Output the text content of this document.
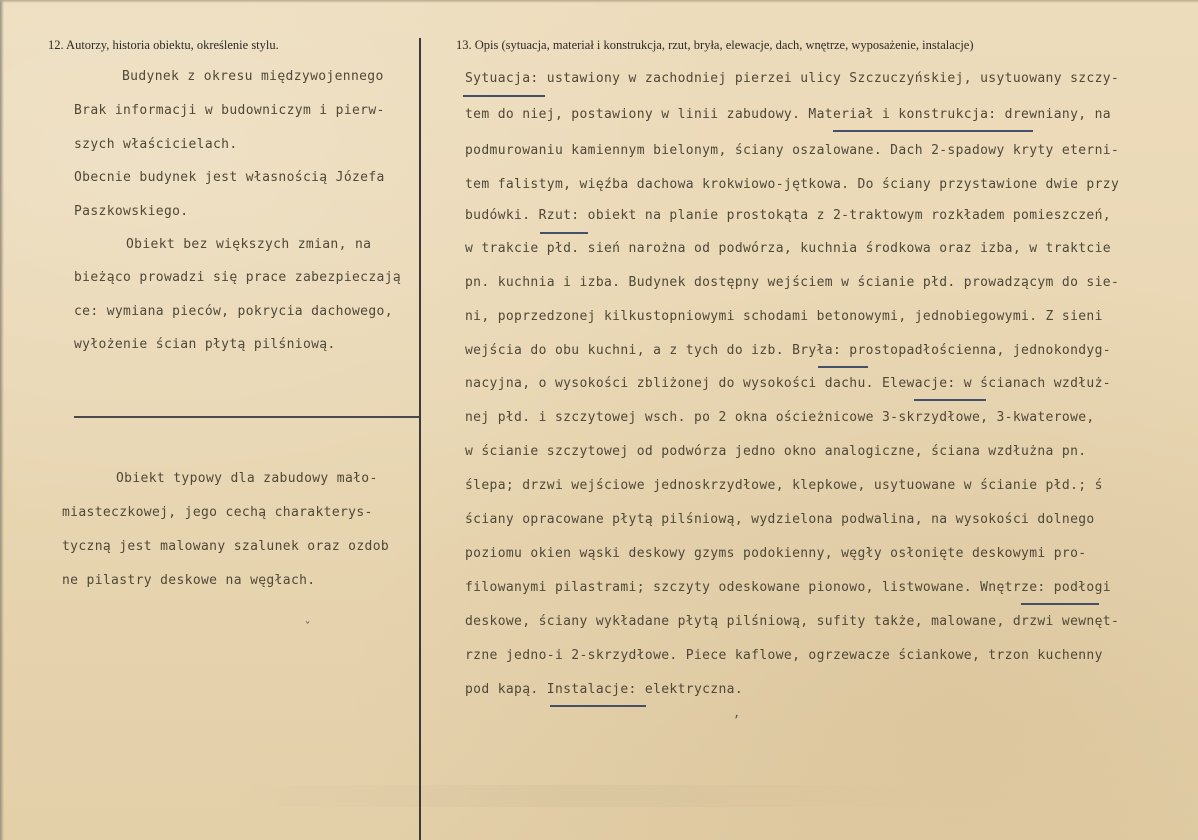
12. Autorzy, historia obiektu, określenie stylu.
Budynek z okresu międzywojennego
Brak informacji w budowniczym i pierw-
szych właścicielach.
Obecnie budynek jest własnością Józefa
Paszkowskiego.
Obiekt bez większych zmian, na
bieżąco prowadzi się prace zabezpieczają
ce: wymiana pieców, pokrycia dachowego,
wyłożenie ścian płytą pilśniową.
Obiekt typowy dla zabudowy mało-
miasteczkowej, jego cechą charakterys-
tyczną jest malowany szalunek oraz ozdob
ne pilastry deskowe na węgłach.
13. Opis (sytuacja, materiał i konstrukcja, rzut, bryła, elewacje, dach, wnętrze, wyposażenie, instalacje)
Sytuacja: ustawiony w zachodniej pierzei ulicy Szczuczyńskiej, usytuowany szczy-
tem do niej, postawiony w linii zabudowy. Materiał i konstrukcja: drewniany, na
podmurowaniu kamiennym bielonym, ściany oszalowane. Dach 2-spadowy kryty eterni-
tem falistym, więźba dachowa krokwiowo-jętkowa. Do ściany przystawione dwie przy
budówki. Rzut: obiekt na planie prostokąta z 2-traktowym rozkładem pomieszczeń,
w trakcie płd. sień narożna od podwórza, kuchnia środkowa oraz izba, w traktcie
pn. kuchnia i izba. Budynek dostępny wejściem w ścianie płd. prowadzącym do sie-
ni, poprzedzonej kilkustopniowymi schodami betonowymi, jednobiegowymi. Z sieni
wejścia do obu kuchni, a z tych do izb. Bryła: prostopadłościenna, jednokondyg-
nacyjna, o wysokości zbliżonej do wysokości dachu. Elewacje: w ścianach wzdłuż-
nej płd. i szczytowej wsch. po 2 okna ościeżnicowe 3-skrzydłowe, 3-kwaterowe,
w ścianie szczytowej od podwórza jedno okno analogiczne, ściana wzdłużna pn.
ślepa; drzwi wejściowe jednoskrzydłowe, klepkowe, usytuowane w ścianie płd.; ś
ściany opracowane płytą pilśniową, wydzielona podwalina, na wysokości dolnego
poziomu okien wąski deskowy gzyms podokienny, węgły osłonięte deskowymi pro-
filowanymi pilastrami; szczyty odeskowane pionowo, listwowane. Wnętrze: podłogi
deskowe, ściany wykładane płytą pilśniową, sufity także, malowane, drzwi wewnęt-
rzne jedno-i 2-skrzydłowe. Piece kaflowe, ogrzewacze ściankowe, trzon kuchenny
pod kapą. Instalacje: elektryczna.
,
ˇ
